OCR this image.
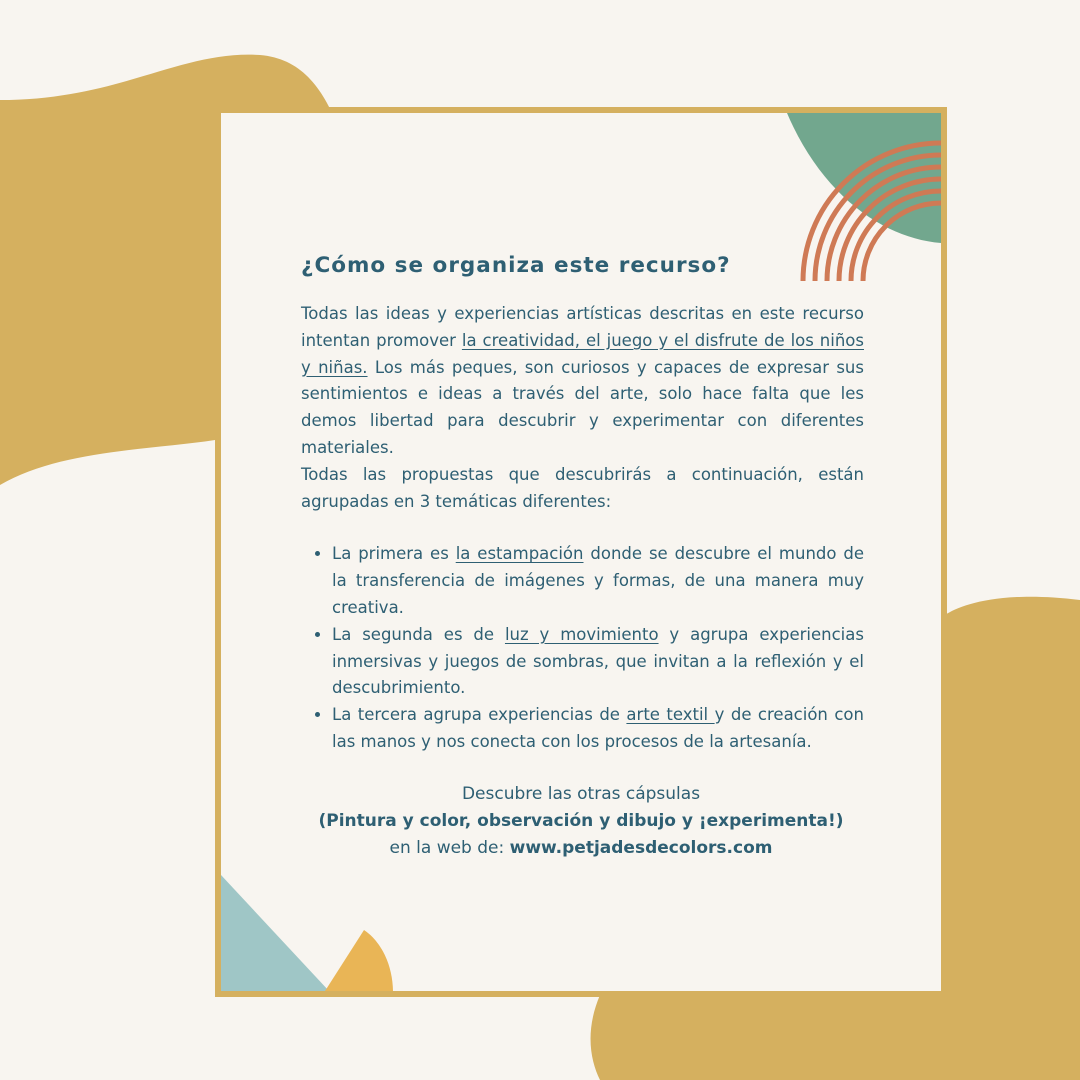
¿Cómo se organiza este recurso?

Todas las ideas y experiencias artísticas descritas en este recurso intentan promover la creatividad, el juego y el disfrute de los niños y niñas. Los más peques, son curiosos y capaces de expresar sus sentimientos e ideas a través del arte, solo hace falta que les demos libertad para descubrir y experimentar con diferentes materiales.

Todas las propuestas que descubrirás a continuación, están agrupadas en 3 temáticas diferentes:

• La primera es la estampación donde se descubre el mundo de la transferencia de imágenes y formas, de una manera muy creativa.
• La segunda es de luz y movimiento y agrupa experiencias inmersivas y juegos de sombras, que invitan a la reflexión y el descubrimiento.
• La tercera agrupa experiencias de arte textil y de creación con las manos y nos conecta con los procesos de la artesanía.
Descubre las otras cápsulas
(Pintura y color, observación y dibujo y ¡experimenta!)
en la web de: www.petjadesdecolors.com
